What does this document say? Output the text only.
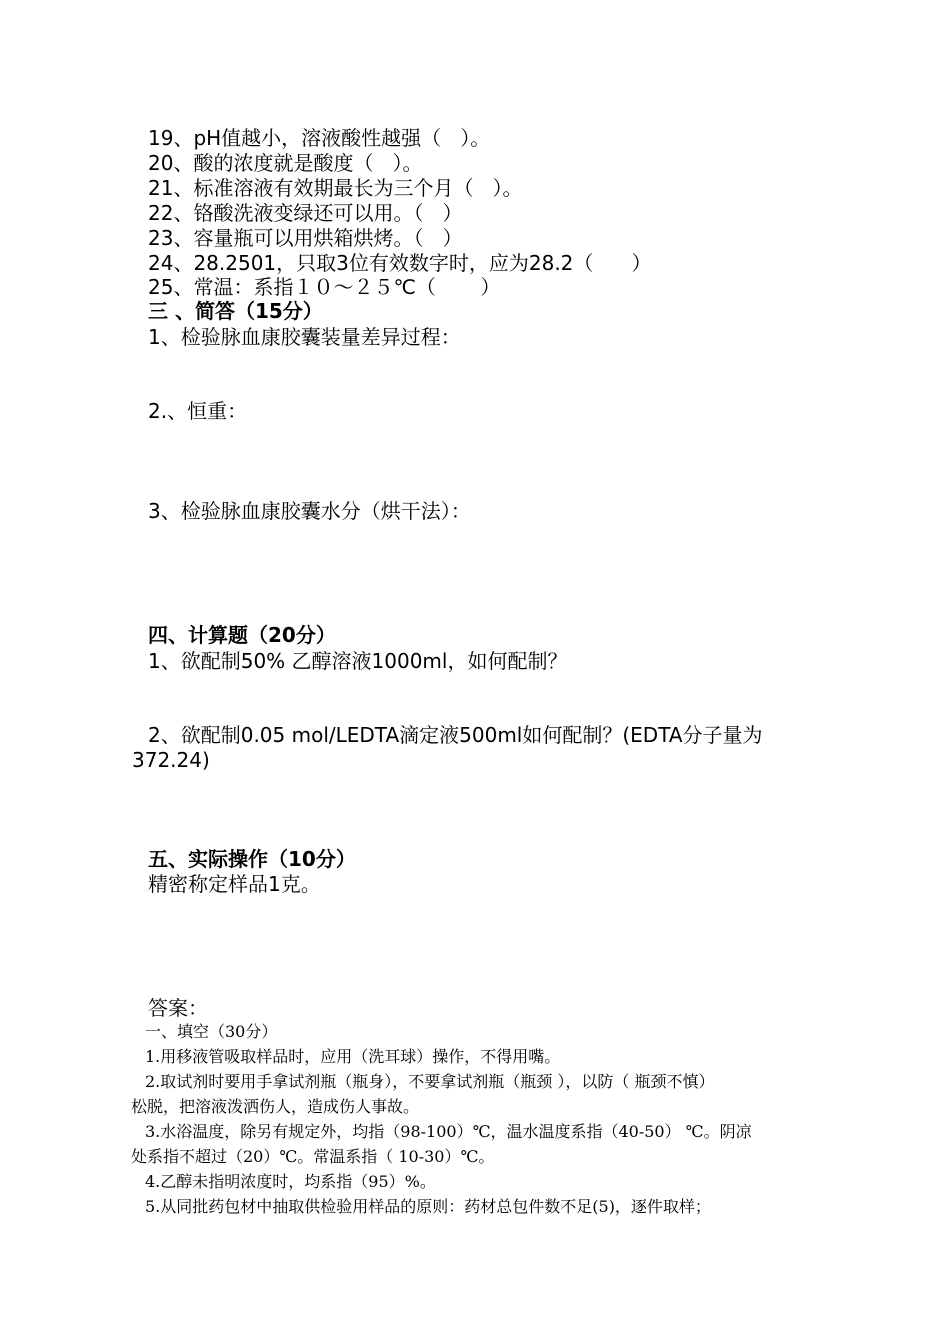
19、pH值越小，溶液酸性越强（   ）。
20、酸的浓度就是酸度（   ）。
21、标准溶液有效期最长为三个月（   ）。
22、铬酸洗液变绿还可以用。（   ）
23、容量瓶可以用烘箱烘烤。（   ）
24、28.2501，只取3位有效数字时，应为28.2（      ）
25、常温：系指１０～２５℃（       ）
三 、简答（15分）
1、检验脉血康胶囊装量差异过程：
2.、恒重：
3、检验脉血康胶囊水分（烘干法）：
四、计算题（20分）
1、欲配制50% 乙醇溶液1000ml，如何配制？
2、欲配制0.05 mol/LEDTA滴定液500ml如何配制？(EDTA分子量为
372.24)
五、实际操作（10分）
精密称定样品1克。
答案：
一、填空（30分）
1.用移液管吸取样品时，应用（洗耳球）操作，不得用嘴。
2.取试剂时要用手拿试剂瓶（瓶身），不要拿试剂瓶（瓶颈 ），以防（ 瓶颈不慎）
松脱，把溶液泼洒伤人，造成伤人事故。
3.水浴温度，除另有规定外，均指（98-100）℃，温水温度系指（40-50） ℃。阴凉
处系指不超过（20）℃。常温系指（ 10-30）℃。
4.乙醇未指明浓度时，均系指（95）%。
5.从同批药包材中抽取供检验用样品的原则：药材总包件数不足(5)，逐件取样；
